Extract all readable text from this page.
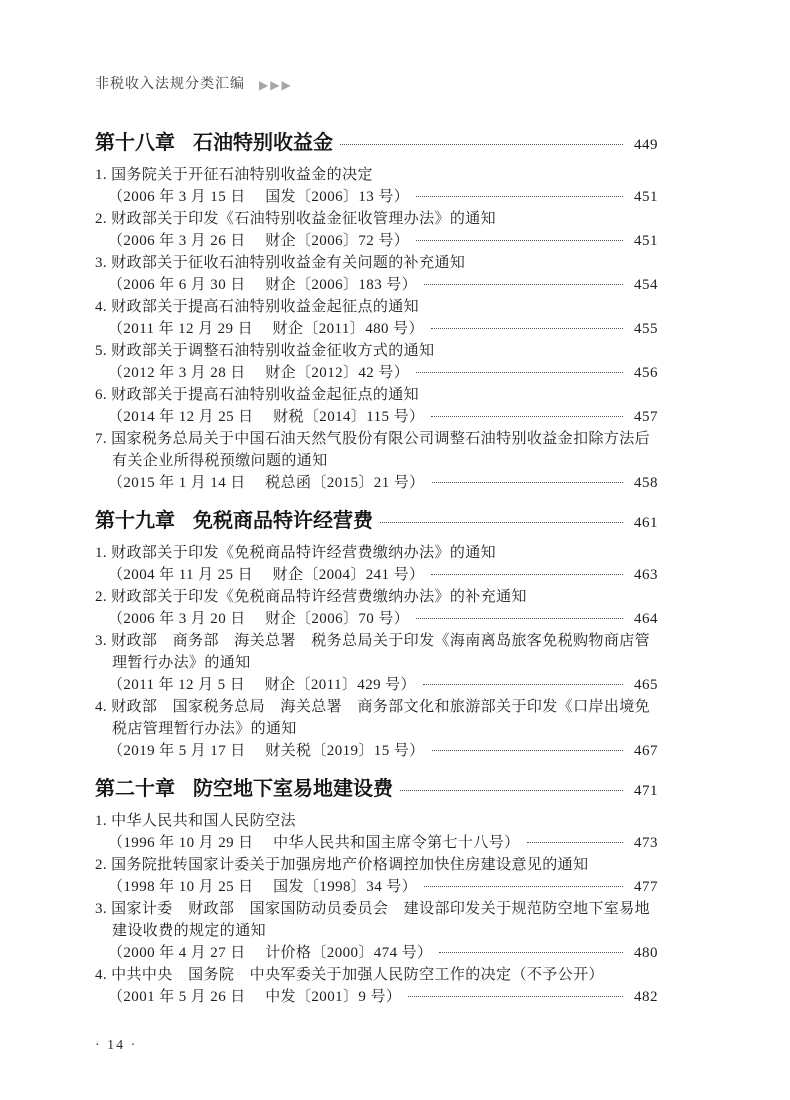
非税收入法规分类汇编 ▶▶▶
第十八章 石油特别收益金	449
1. 国务院关于开征石油特别收益金的决定
（2006 年 3 月 15 日　 国发〔2006〕13 号）	451
2. 财政部关于印发《石油特别收益金征收管理办法》的通知
（2006 年 3 月 26 日　 财企〔2006〕72 号）	451
3. 财政部关于征收石油特别收益金有关问题的补充通知
（2006 年 6 月 30 日　 财企〔2006〕183 号）	454
4. 财政部关于提高石油特别收益金起征点的通知
（2011 年 12 月 29 日　 财企〔2011〕480 号）	455
5. 财政部关于调整石油特别收益金征收方式的通知
（2012 年 3 月 28 日　 财企〔2012〕42 号）	456
6. 财政部关于提高石油特别收益金起征点的通知
（2014 年 12 月 25 日　 财税〔2014〕115 号）	457
7. 国家税务总局关于中国石油天然气股份有限公司调整石油特别收益金扣除方法后有关企业所得税预缴问题的通知
（2015 年 1 月 14 日　 税总函〔2015〕21 号）	458
第十九章 免税商品特许经营费	461
1. 财政部关于印发《免税商品特许经营费缴纳办法》的通知
（2004 年 11 月 25 日　 财企〔2004〕241 号）	463
2. 财政部关于印发《免税商品特许经营费缴纳办法》的补充通知
（2006 年 3 月 20 日　 财企〔2006〕70 号）	464
3. 财政部　商务部　海关总署　税务总局关于印发《海南离岛旅客免税购物商店管理暂行办法》的通知
（2011 年 12 月 5 日　 财企〔2011〕429 号）	465
4. 财政部　国家税务总局　海关总署　商务部文化和旅游部关于印发《口岸出境免税店管理暂行办法》的通知
（2019 年 5 月 17 日　 财关税〔2019〕15 号）	467
第二十章 防空地下室易地建设费	471
1. 中华人民共和国人民防空法
（1996 年 10 月 29 日　 中华人民共和国主席令第七十八号）	473
2. 国务院批转国家计委关于加强房地产价格调控加快住房建设意见的通知
（1998 年 10 月 25 日　 国发〔1998〕34 号）	477
3. 国家计委　财政部　国家国防动员委员会　建设部印发关于规范防空地下室易地建设收费的规定的通知
（2000 年 4 月 27 日　 计价格〔2000〕474 号）	480
4. 中共中央　国务院　中央军委关于加强人民防空工作的决定（不予公开）
（2001 年 5 月 26 日　 中发〔2001〕9 号）	482
· 14 ·
